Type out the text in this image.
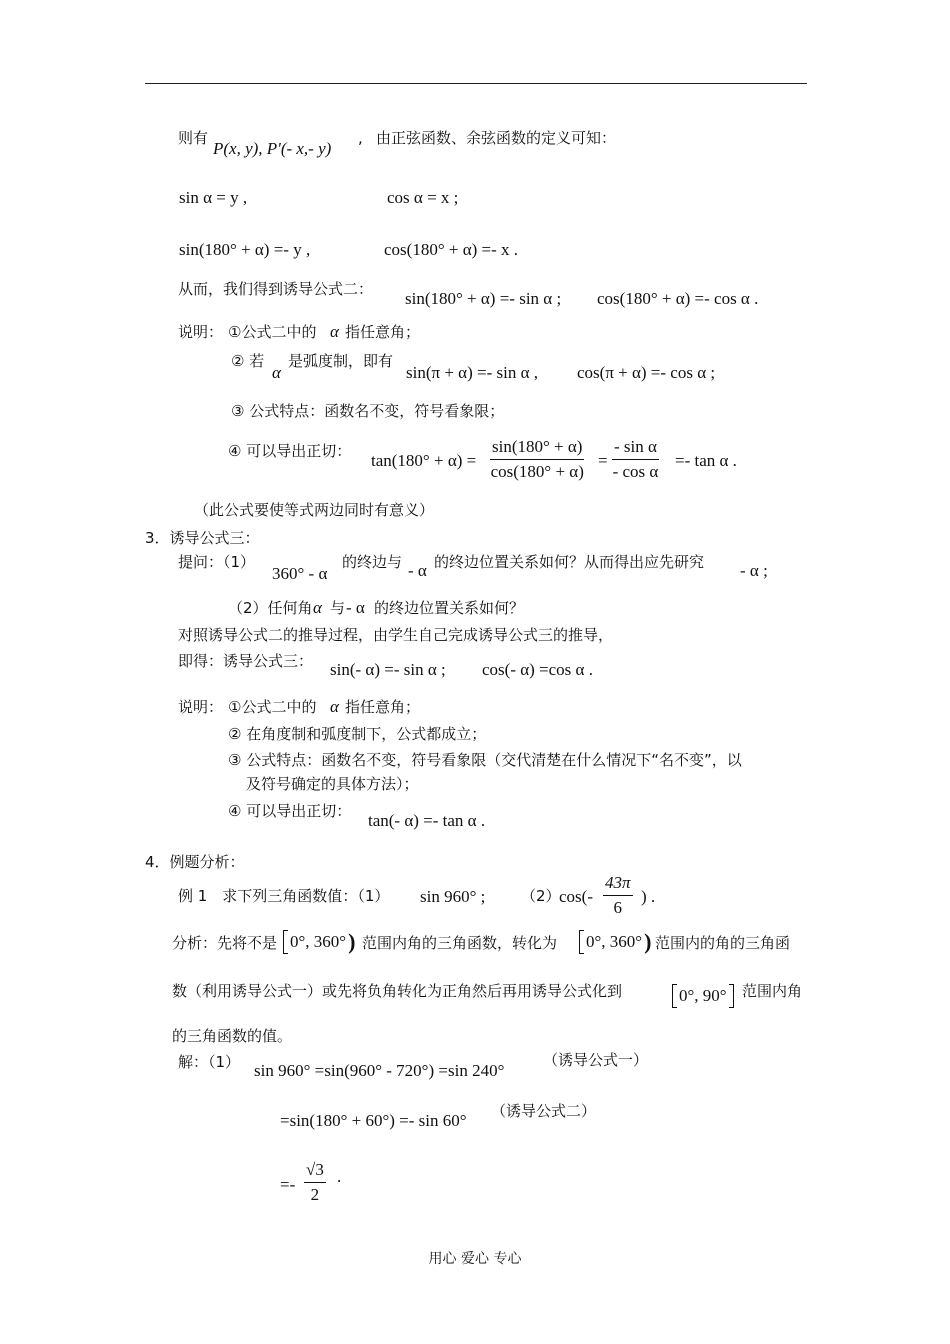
则有
P(x, y), P'(- x,- y)
, 由正弦函数、余弦函数的定义可知：
sin α = y ,	cos α = x ;
sin(180° + α) =- y ,	cos(180° + α) =- x .
从而，我们得到诱导公式二： sin(180° + α) =- sin α ; cos(180° + α) =- cos α .
说明： ①公式二中的 α 指任意角；
② 若
α
是弧度制，即有
sin(π + α) =- sin α , cos(π + α) =- cos α ;
③ 公式特点：函数名不变，符号看象限；
④ 可以导出正切： $\tan(180^\circ + \alpha) = \frac{\sin(180^\circ + \alpha)}{\cos(180^\circ + \alpha)} = \frac{\text{- sin α}}{\text{- cos α}} =- \tan \alpha$ .
（此公式要使等式两边同时有意义）
3．诱导公式三：
提问：（1）
360° - α
的终边与 - α 的终边位置关系如何？从而得出应先研究 - α ;
（2）任何角 α 与 - α 的终边位置关系如何？
对照诱导公式二的推导过程，由学生自己完成诱导公式三的推导，
即得：诱导公式三： sin(- α) =- sin α ; cos(- α) =cos α .
说明： ①公式二中的 α 指任意角；
② 在角度制和弧度制下，公式都成立；
③ 公式特点：函数名不变，符号看象限（交代清楚在什么情况下“名不变”，以
及符号确定的具体方法）；
④ 可以导出正切： tan(- α) =- tan α .
4．例题分析：
例 1　求下列三角函数值：（1） sin 960° ; （2）
$\cos(- \frac{43\pi}{6}$ ) .
分析：先将不是 0°, 360°) 范围内角的三角函数，转化为	0°, 360°) 范围内的角的三角函
数（利用诱导公式一）或先将负角转化为正角然后再用诱导公式化到	0°, 90°	范围内角
的三角函数的值。
解：（1） sin 960° =sin(960° - 720°) =sin 240°
（诱导公式一）
=sin(180° + 60°) =- sin 60° （诱导公式二）
=- $\frac{√3}{2}$ .
用心 爱心 专心
